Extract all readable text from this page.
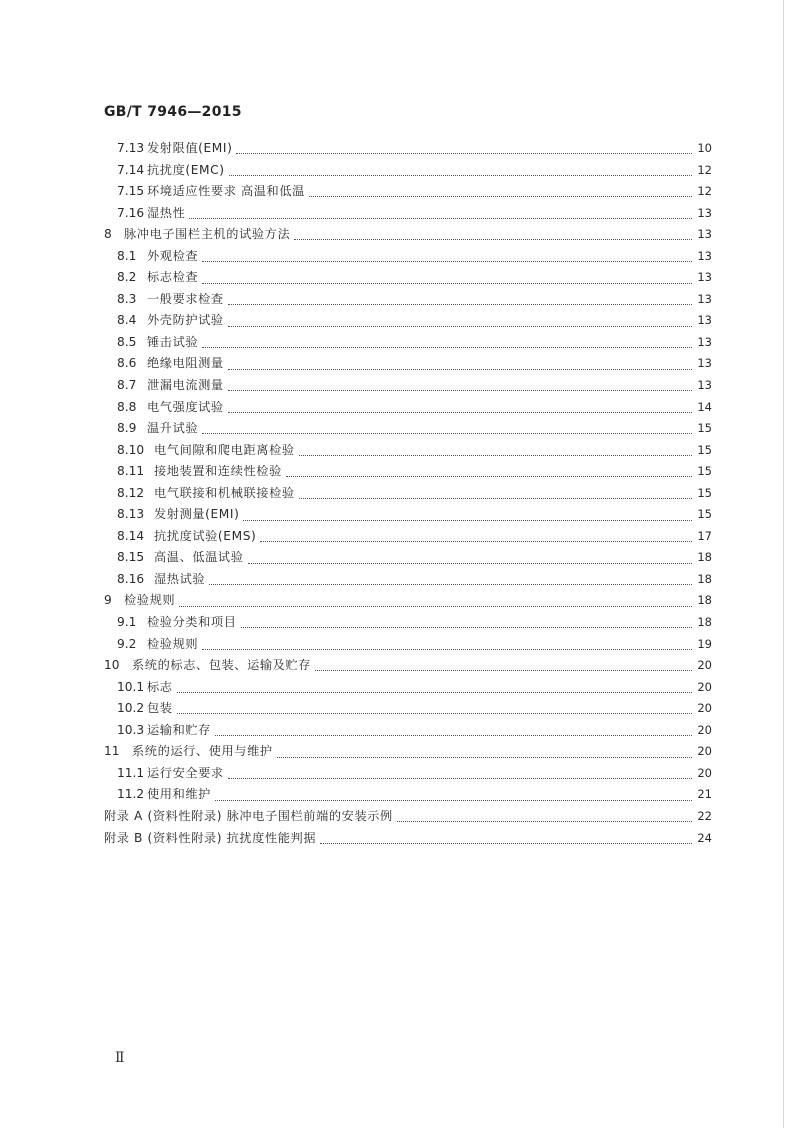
GB/T 7946—2015
7.13 发射限值(EMI)	10
7.14 抗扰度(EMC)	12
7.15 环境适应性要求 高温和低温	12
7.16 湿热性	13
8	脉冲电子围栏主机的试验方法	13
8.1 外观检查	13
8.2 标志检查	13
8.3 一般要求检查	13
8.4 外壳防护试验	13
8.5 锤击试验	13
8.6 绝缘电阻测量	13
8.7 泄漏电流测量	13
8.8 电气强度试验	14
8.9 温升试验	15
8.10 电气间隙和爬电距离检验	15
8.11 接地装置和连续性检验	15
8.12 电气联接和机械联接检验	15
8.13 发射测量(EMI)	15
8.14 抗扰度试验(EMS)	17
8.15 高温、低温试验	18
8.16 湿热试验	18
9	检验规则	18
9.1 检验分类和项目	18
9.2 检验规则	19
10	系统的标志、包装、运输及贮存	20
10.1 标志	20
10.2 包装	20
10.3 运输和贮存	20
11	系统的运行、使用与维护	20
11.1 运行安全要求	20
11.2 使用和维护	21
附录 A (资料性附录) 脉冲电子围栏前端的安装示例	22
附录 B (资料性附录) 抗扰度性能判据	24
Ⅱ
